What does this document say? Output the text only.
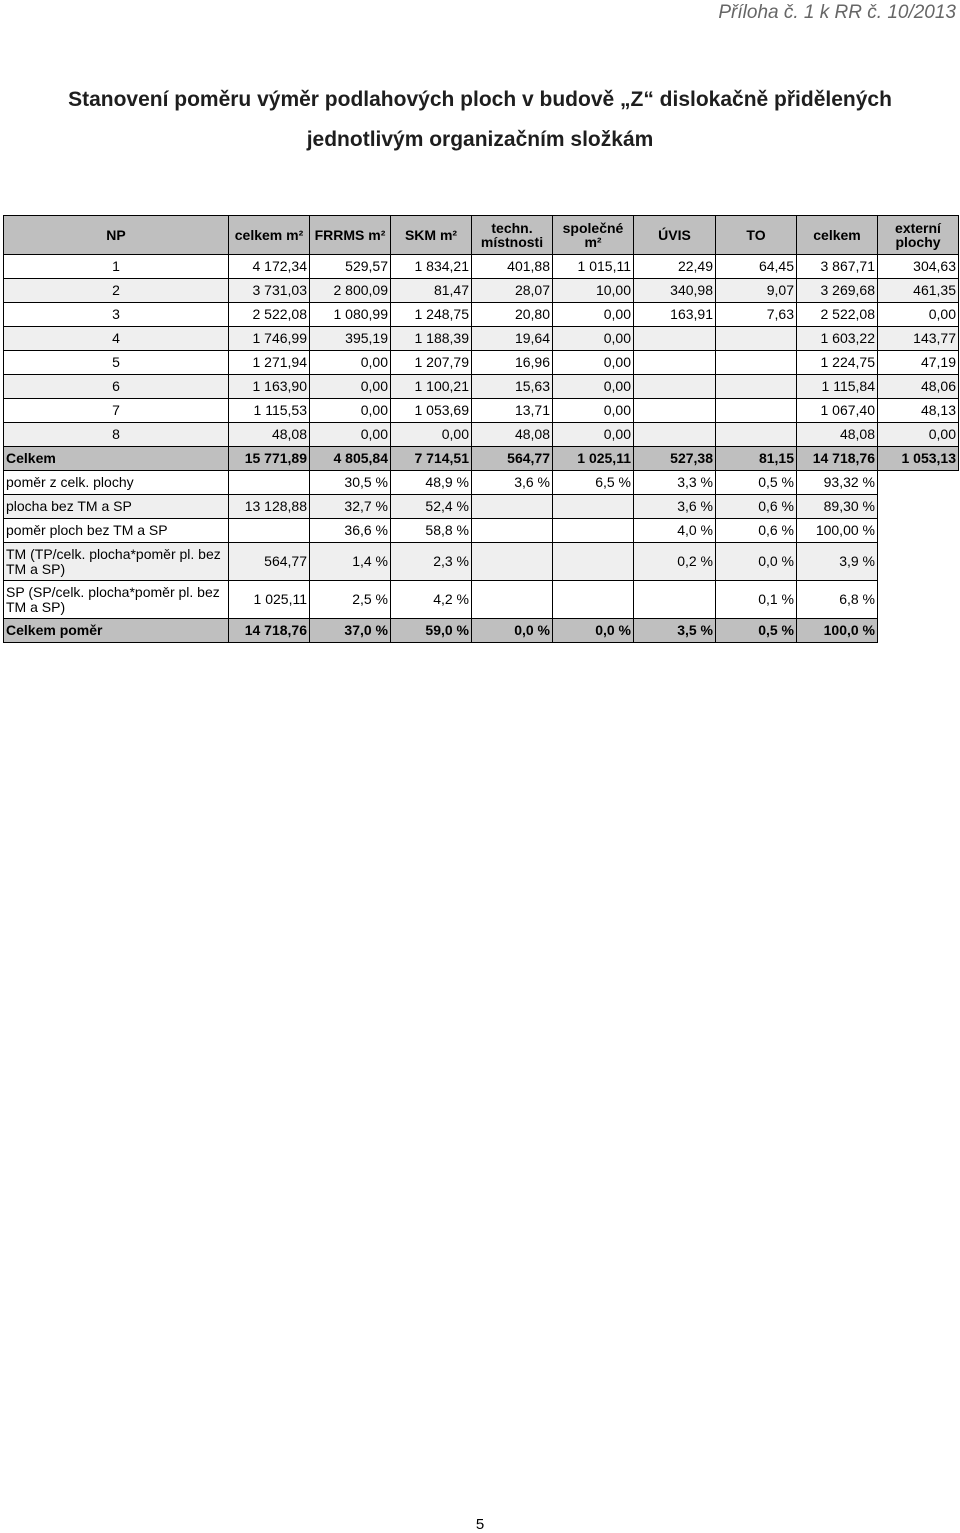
Příloha č. 1 k RR č. 10/2013
Stanovení poměru výměr podlahových ploch v budově „Z“ dislokačně přidělených
jednotlivým organizačním složkám
NP	celkem m²	FRRMS m²	SKM m²	techn. místnosti	společné m²	ÚVIS	TO	celkem	externí plochy
1	4 172,34	529,57	1 834,21	401,88	1 015,11	22,49	64,45	3 867,71	304,63
2	3 731,03	2 800,09	81,47	28,07	10,00	340,98	9,07	3 269,68	461,35
3	2 522,08	1 080,99	1 248,75	20,80	0,00	163,91	7,63	2 522,08	0,00
4	1 746,99	395,19	1 188,39	19,64	0,00			1 603,22	143,77
5	1 271,94	0,00	1 207,79	16,96	0,00			1 224,75	47,19
6	1 163,90	0,00	1 100,21	15,63	0,00			1 115,84	48,06
7	1 115,53	0,00	1 053,69	13,71	0,00			1 067,40	48,13
8	48,08	0,00	0,00	48,08	0,00			48,08	0,00
Celkem	15 771,89	4 805,84	7 714,51	564,77	1 025,11	527,38	81,15	14 718,76	1 053,13
poměr z celk. plochy		30,5 %	48,9 %	3,6 %	6,5 %	3,3 %	0,5 %	93,32 %	
plocha bez TM a SP	13 128,88	32,7 %	52,4 %			3,6 %	0,6 %	89,30 %	
poměr ploch bez TM a SP		36,6 %	58,8 %			4,0 %	0,6 %	100,00 %	
TM (TP/celk. plocha*poměr pl. bez TM a SP)	564,77	1,4 %	2,3 %			0,2 %	0,0 %	3,9 %	
SP (SP/celk. plocha*poměr pl. bez TM a SP)	1 025,11	2,5 %	4,2 %				0,1 %	6,8 %	
Celkem poměr	14 718,76	37,0 %	59,0 %	0,0 %	0,0 %	3,5 %	0,5 %	100,0 %	
5
